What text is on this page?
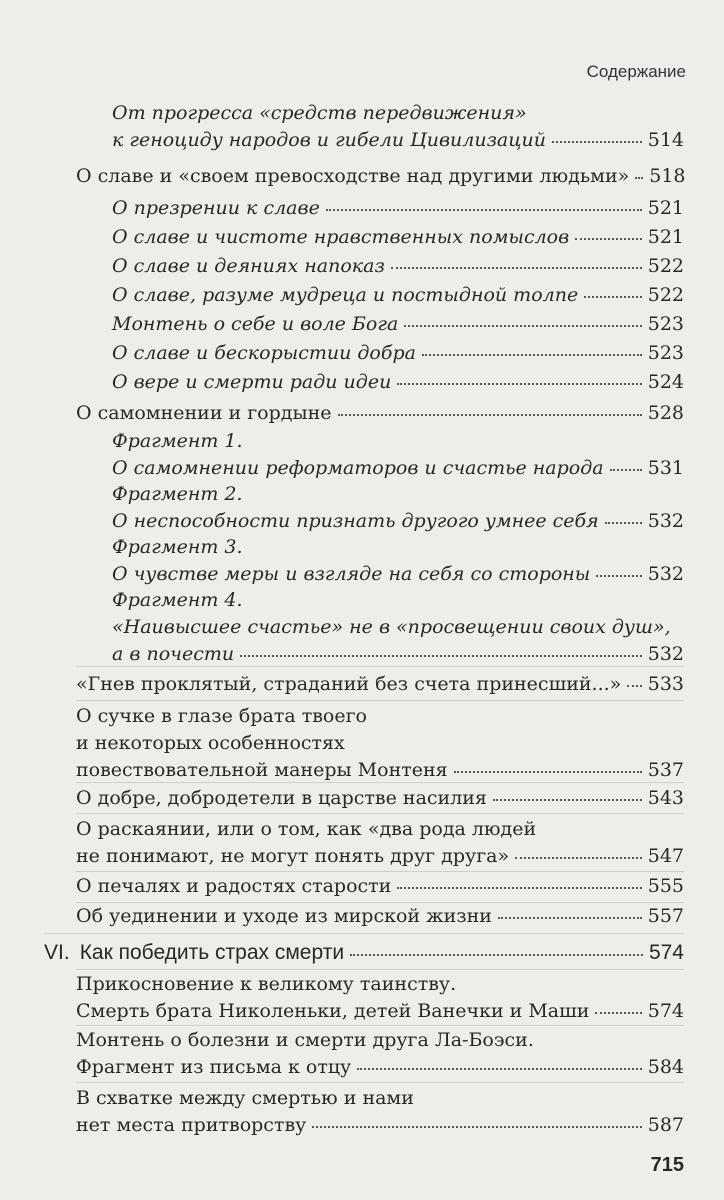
Содержание
От прогресса «средств передвижения»
к геноциду народов и гибели Цивилизаций	514
О славе и «своем превосходстве над другими людьми» 518
О презрении к славе	521
О славе и чистоте нравственных помыслов	521
О славе и деяниях напоказ	522
О славе, разуме мудреца и постыдной толпе	522
Монтень о себе и воле Бога	523
О славе и бескорыстии добра	523
О вере и смерти ради идеи	524
О самомнении и гордыне	528
Фрагмент 1.
О самомнении реформаторов и счастье народа 531
Фрагмент 2.
О неспособности признать другого умнее себя	532
Фрагмент 3.
О чувстве меры и взгляде на себя со стороны	532
Фрагмент 4.
«Наивысшее счастье» не в «просвещении своих душ»,
а в почести	532
«Гнев проклятый, страданий без счета принесший...» 533
О сучке в глазе брата твоего
и некоторых особенностях
повествовательной манеры Монтеня	537
О добре, добродетели в царстве насилия	543
О раскаянии, или о том, как «два рода людей
не понимают, не могут понять друг друга»	547
О печалях и радостях старости	555
Об уединении и уходе из мирской жизни	557
VI. Как победить страх смерти	574
Прикосновение к великому таинству.
Смерть брата Николеньки, детей Ванечки и Маши	574
Монтень о болезни и смерти друга Ла-Боэси.
Фрагмент из письма к отцу	584
В схватке между смертью и нами
нет места притворству	587
715
